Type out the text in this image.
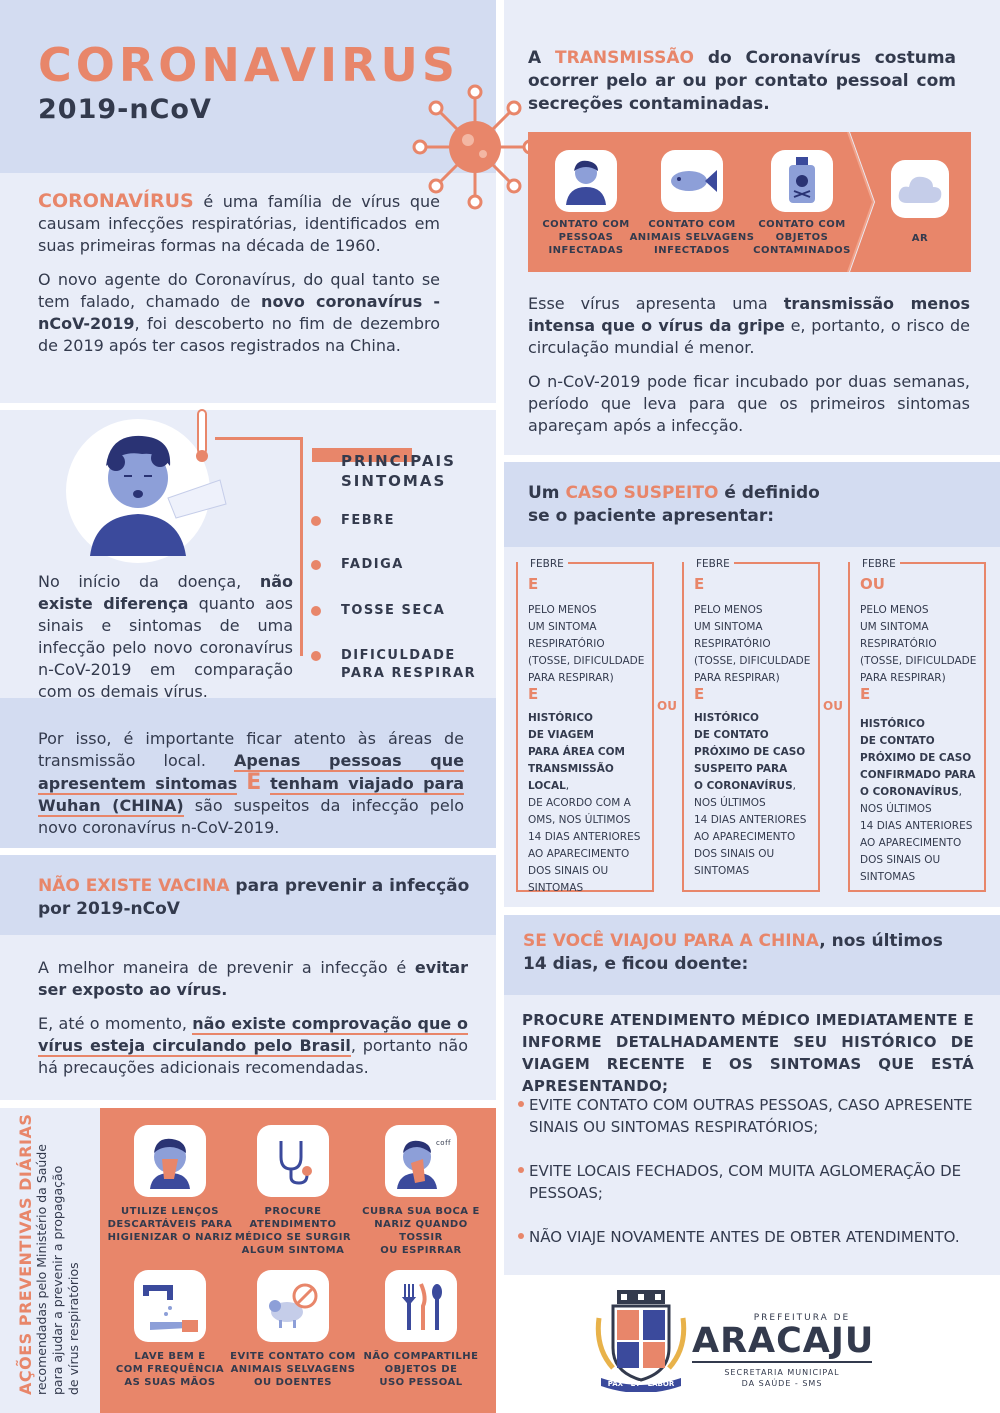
CORONAVIRUS
2019-nCoV

CORONAVÍRUS é uma família de vírus que causam infecções respiratórias, identificados em suas primeiras formas na década de 1960.

O novo agente do Coronavírus, do qual tanto se tem falado, chamado de novo coronavírus - nCoV-2019, foi descoberto no fim de dezembro de 2019 após ter casos registrados na China.

PRINCIPAIS
SINTOMAS
FEBRE
FADIGA
TOSSE SECA
DIFICULDADE
PARA RESPIRAR

No início da doença, não existe diferença quanto aos sinais e sintomas de uma infecção pelo novo coronavírus n-CoV-2019 em comparação com os demais vírus.

Por isso, é importante ficar atento às áreas de transmissão local. Apenas pessoas que apresentem sintomas E tenham viajado para Wuhan (CHINA) são suspeitos da infecção pelo novo coronavírus n-CoV-2019.

NÃO EXISTE VACINA para prevenir a infecção por 2019-nCoV

A melhor maneira de prevenir a infecção é evitar ser exposto ao vírus.

E, até o momento, não existe comprovação que o vírus esteja circulando pelo Brasil, portanto não há precauções adicionais recomendadas.

AÇÕES PREVENTIVAS DIÁRIAS recomendadas pelo Ministério da Saúde para ajudar a prevenir a propagação de vírus respiratórios
UTILIZE LENÇOS
DESCARTÁVEIS PARA
HIGIENIZAR O NARIZ
PROCURE
ATENDIMENTO
MÉDICO SE SURGIR
ALGUM SINTOMA
coff
CUBRA SUA BOCA E
NARIZ QUANDO TOSSIR
OU ESPIRRAR
LAVE BEM E
COM FREQUÊNCIA
AS SUAS MÃOS
EVITE CONTATO COM
ANIMAIS SELVAGENS
OU DOENTES
NÃO COMPARTILHE
OBJETOS DE
USO PESSOAL
A TRANSMISSÃO do Coronavírus costuma ocorrer pelo ar ou por contato pessoal com secreções contaminadas.
CONTATO COM
PESSOAS
INFECTADAS
CONTATO COM
ANIMAIS SELVAGENS
INFECTADOS
CONTATO COM
OBJETOS
CONTAMINADOS
AR

Esse vírus apresenta uma transmissão menos intensa que o vírus da gripe e, portanto, o risco de circulação mundial é menor.

O n-CoV-2019 pode ficar incubado por duas semanas, período que leva para que os primeiros sintomas apareçam após a infecção.

Um CASO SUSPEITO é definido
se o paciente apresentar:
FEBRE
E
PELO MENOS
UM SINTOMA
RESPIRATÓRIO
(TOSSE, DIFICULDADE
PARA RESPIRAR)
E
HISTÓRICO
DE VIAGEM
PARA ÁREA COM
TRANSMISSÃO LOCAL,
DE ACORDO COM A
OMS, NOS ÚLTIMOS
14 DIAS ANTERIORES
AO APARECIMENTO
DOS SINAIS OU
SINTOMAS
OU
FEBRE
E
PELO MENOS
UM SINTOMA
RESPIRATÓRIO
(TOSSE, DIFICULDADE
PARA RESPIRAR)
E
HISTÓRICO
DE CONTATO
PRÓXIMO DE CASO
SUSPEITO PARA
O CORONAVÍRUS,
NOS ÚLTIMOS
14 DIAS ANTERIORES
AO APARECIMENTO
DOS SINAIS OU
SINTOMAS
OU
FEBRE
OU
PELO MENOS
UM SINTOMA
RESPIRATÓRIO
(TOSSE, DIFICULDADE
PARA RESPIRAR)
E
HISTÓRICO
DE CONTATO
PRÓXIMO DE CASO
CONFIRMADO PARA
O CORONAVÍRUS,
NOS ÚLTIMOS
14 DIAS ANTERIORES
AO APARECIMENTO
DOS SINAIS OU
SINTOMAS
SE VOCÊ VIAJOU PARA A CHINA, nos últimos
14 dias, e ficou doente:
PROCURE ATENDIMENTO MÉDICO IMEDIATAMENTE E INFORME DETALHADAMENTE SEU HISTÓRICO DE VIAGEM RECENTE E OS SINTOMAS QUE ESTÁ APRESENTANDO;
EVITE CONTATO COM OUTRAS PESSOAS, CASO APRESENTE SINAIS OU SINTOMAS RESPIRATÓRIOS;
EVITE LOCAIS FECHADOS, COM MUITA AGLOMERAÇÃO DE PESSOAS;
NÃO VIAJE NOVAMENTE ANTES DE OBTER ATENDIMENTO.
PAX ET LABOR
PREFEITURA DE
ARACAJU
SECRETARIA MUNICIPAL
DA SAÚDE - SMS
